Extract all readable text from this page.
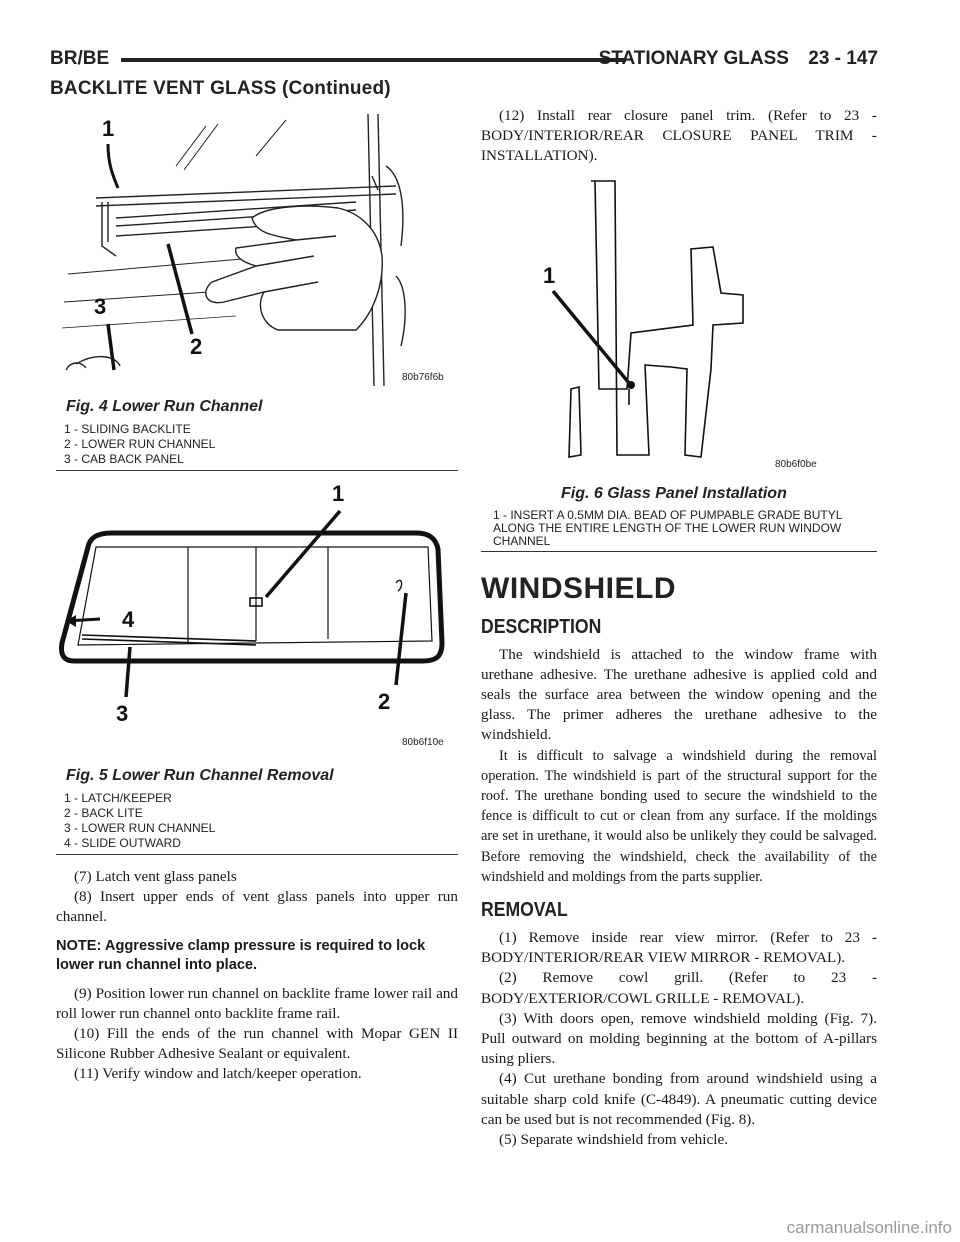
BR/BE	STATIONARY GLASS 23 - 147
BACKLITE VENT GLASS (Continued)
1
2
3
80b76f6b
Fig. 4 Lower Run Channel
1 - SLIDING BACKLITE
2 - LOWER RUN CHANNEL
3 - CAB BACK PANEL
1
2
3
4
80b6f10e
Fig. 5 Lower Run Channel Removal
1 - LATCH/KEEPER
2 - BACK LITE
3 - LOWER RUN CHANNEL
4 - SLIDE OUTWARD

(7) Latch vent glass panels

(8) Insert upper ends of vent glass panels into upper run channel.

NOTE: Aggressive clamp pressure is required to lock lower run channel into place.

(9) Position lower run channel on backlite frame lower rail and roll lower run channel onto backlite frame rail.

(10) Fill the ends of the run channel with Mopar GEN II Silicone Rubber Adhesive Sealant or equivalent.

(11) Verify window and latch/keeper operation.

(12) Install rear closure panel trim. (Refer to 23 - BODY/INTERIOR/REAR CLOSURE PANEL TRIM - INSTALLATION).

1
80b6f0be
Fig. 6 Glass Panel Installation
1 - INSERT A 0.5MM DIA. BEAD OF PUMPABLE GRADE BUTYL ALONG THE ENTIRE LENGTH OF THE LOWER RUN WINDOW CHANNEL
WINDSHIELD
DESCRIPTION

The windshield is attached to the window frame with urethane adhesive. The urethane adhesive is applied cold and seals the surface area between the window opening and the glass. The primer adheres the urethane adhesive to the windshield.

It is difficult to salvage a windshield during the removal operation. The windshield is part of the structural support for the roof. The urethane bonding used to secure the windshield to the fence is difficult to cut or clean from any surface. If the moldings are set in urethane, it would also be unlikely they could be salvaged. Before removing the windshield, check the availability of the windshield and moldings from the parts supplier.

REMOVAL

(1) Remove inside rear view mirror. (Refer to 23 - BODY/INTERIOR/REAR VIEW MIRROR - REMOVAL).

(2) Remove cowl grill. (Refer to 23 - BODY/EXTERIOR/COWL GRILLE - REMOVAL).

(3) With doors open, remove windshield molding (Fig. 7). Pull outward on molding beginning at the bottom of A-pillars using pliers.

(4) Cut urethane bonding from around windshield using a suitable sharp cold knife (C-4849). A pneumatic cutting device can be used but is not recommended (Fig. 8).

(5) Separate windshield from vehicle.

carmanualsonline.info
